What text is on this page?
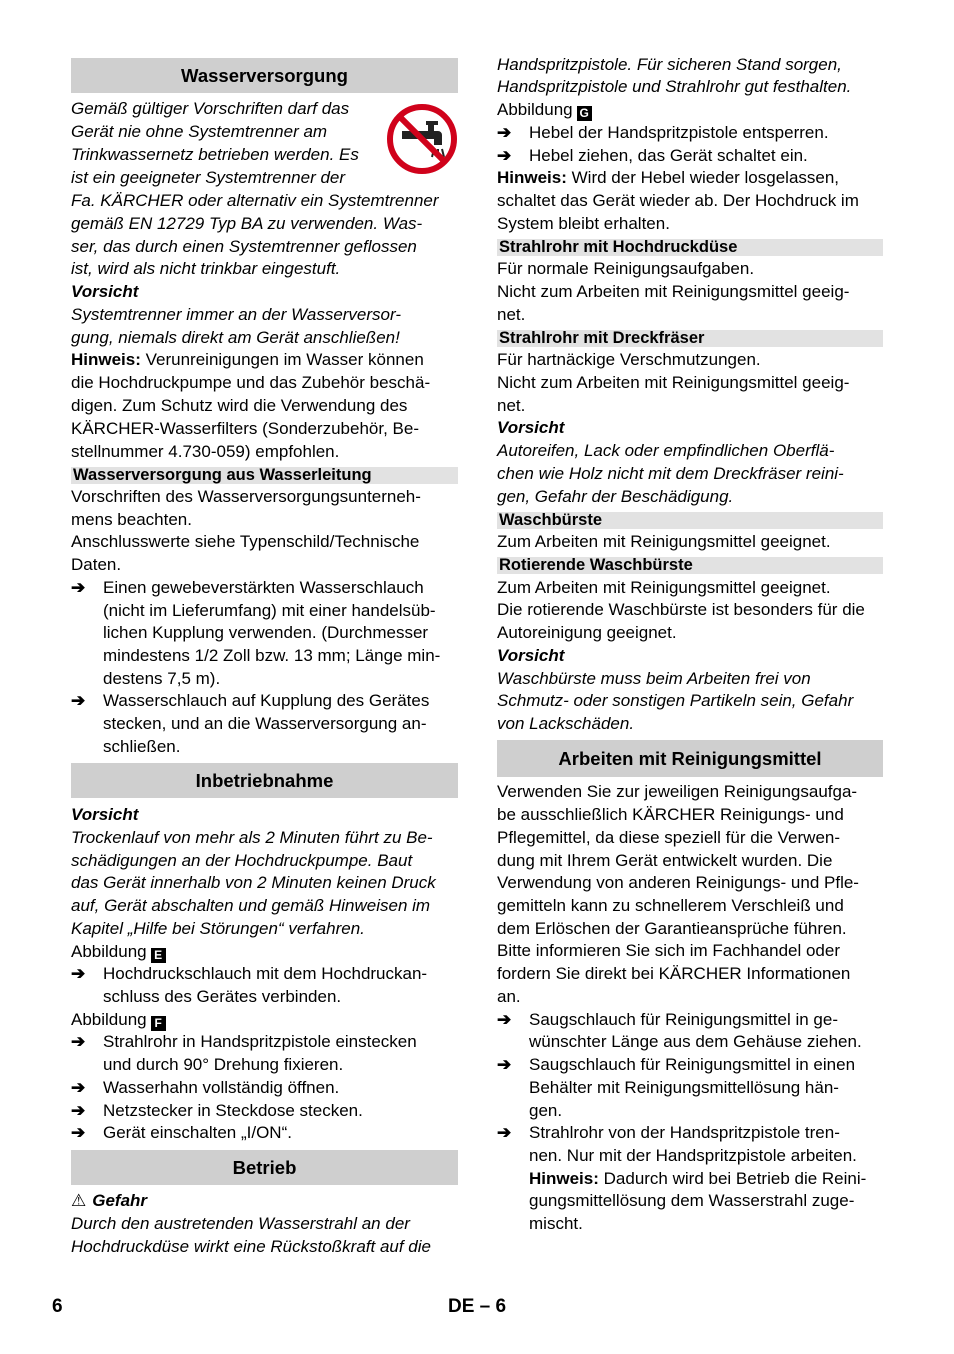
Wasserversorgung
Gemäß gültiger Vorschriften darf das
Gerät nie ohne Systemtrenner am
Trinkwassernetz betrieben werden. Es
ist ein geeigneter Systemtrenner der
Fa. KÄRCHER oder alternativ ein Systemtrenner
gemäß EN 12729 Typ BA zu verwenden. Was-
ser, das durch einen Systemtrenner geflossen
ist, wird als nicht trinkbar eingestuft.
Vorsicht
Systemtrenner immer an der Wasserversor-
gung, niemals direkt am Gerät anschließen!
Hinweis: Verunreinigungen im Wasser können
die Hochdruckpumpe und das Zubehör beschä-
digen. Zum Schutz wird die Verwendung des
KÄRCHER-Wasserfilters (Sonderzubehör, Be-
stellnummer 4.730-059) empfohlen.
Wasserversorgung aus Wasserleitung
Vorschriften des Wasserversorgungsunterneh-
mens beachten.
Anschlusswerte siehe Typenschild/Technische
Daten.
➔ Einen gewebeverstärkten Wasserschlauch
(nicht im Lieferumfang) mit einer handelsüb-
lichen Kupplung verwenden. (Durchmesser
mindestens 1/2 Zoll bzw. 13 mm; Länge min-
destens 7,5 m).
➔ Wasserschlauch auf Kupplung des Gerätes
stecken, und an die Wasserversorgung an-
schließen.
Inbetriebnahme
Vorsicht
Trockenlauf von mehr als 2 Minuten führt zu Be-
schädigungen an der Hochdruckpumpe. Baut
das Gerät innerhalb von 2 Minuten keinen Druck
auf, Gerät abschalten und gemäß Hinweisen im
Kapitel „Hilfe bei Störungen“ verfahren.
Abbildung E
➔ Hochdruckschlauch mit dem Hochdruckan-
schluss des Gerätes verbinden.
Abbildung F
➔ Strahlrohr in Handspritzpistole einstecken
und durch 90° Drehung fixieren.
➔ Wasserhahn vollständig öffnen.
➔ Netzstecker in Steckdose stecken.
➔ Gerät einschalten „I/ON“.
Betrieb
⚠ Gefahr
Durch den austretenden Wasserstrahl an der
Hochdruckdüse wirkt eine Rückstoßkraft auf die
Handspritzpistole. Für sicheren Stand sorgen,
Handspritzpistole und Strahlrohr gut festhalten.
Abbildung G
➔ Hebel der Handspritzpistole entsperren.
➔ Hebel ziehen, das Gerät schaltet ein.
Hinweis: Wird der Hebel wieder losgelassen,
schaltet das Gerät wieder ab. Der Hochdruck im
System bleibt erhalten.
Strahlrohr mit Hochdruckdüse
Für normale Reinigungsaufgaben.
Nicht zum Arbeiten mit Reinigungsmittel geeig-
net.
Strahlrohr mit Dreckfräser
Für hartnäckige Verschmutzungen.
Nicht zum Arbeiten mit Reinigungsmittel geeig-
net.
Vorsicht
Autoreifen, Lack oder empfindlichen Oberflä-
chen wie Holz nicht mit dem Dreckfräser reini-
gen, Gefahr der Beschädigung.
Waschbürste
Zum Arbeiten mit Reinigungsmittel geeignet.
Rotierende Waschbürste
Zum Arbeiten mit Reinigungsmittel geeignet.
Die rotierende Waschbürste ist besonders für die
Autoreinigung geeignet.
Vorsicht
Waschbürste muss beim Arbeiten frei von
Schmutz- oder sonstigen Partikeln sein, Gefahr
von Lackschäden.
Arbeiten mit Reinigungsmittel
Verwenden Sie zur jeweiligen Reinigungsaufga-
be ausschließlich KÄRCHER Reinigungs- und
Pflegemittel, da diese speziell für die Verwen-
dung mit Ihrem Gerät entwickelt wurden. Die
Verwendung von anderen Reinigungs- und Pfle-
gemitteln kann zu schnellerem Verschleiß und
dem Erlöschen der Garantieansprüche führen.
Bitte informieren Sie sich im Fachhandel oder
fordern Sie direkt bei KÄRCHER Informationen
an.
➔ Saugschlauch für Reinigungsmittel in ge-
wünschter Länge aus dem Gehäuse ziehen.
➔ Saugschlauch für Reinigungsmittel in einen
Behälter mit Reinigungsmittellösung hän-
gen.
➔ Strahlrohr von der Handspritzpistole tren-
nen. Nur mit der Handspritzpistole arbeiten.
Hinweis: Dadurch wird bei Betrieb die Reini-
gungsmittellösung dem Wasserstrahl zuge-
mischt.
6	DE – 6
